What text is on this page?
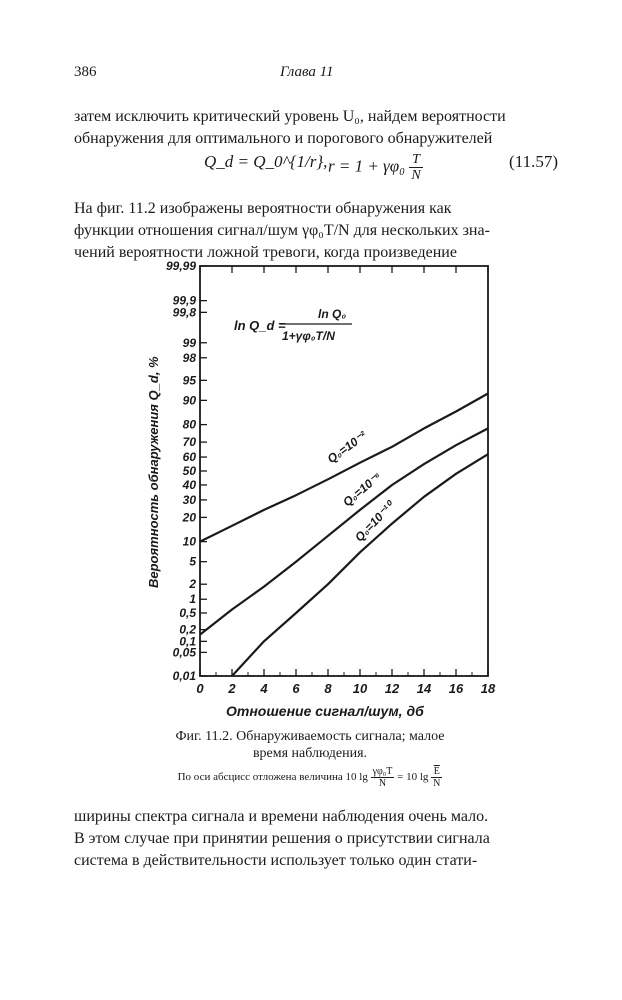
386	Глава 11
затем исключить критический уровень U₀, найдем вероятности
обнаружения для оптимального и порогового обнаружителей
Q_d = Q_0^{1/r}, $r = 1 + \gamma\varphi_0 \frac{T}{N}$	(11.57)
На фиг. 11.2 изображены вероятности обнаружения как
функции отношения сигнал/шум γφ₀T/N для нескольких зна-
чений вероятности ложной тревоги, когда произведение
99,99
99,9
99,8
99
98
95
90
80
70
60
50
40
30
20
10
5
2
1
0,5
0,2
0,1
0,05
0,01
0 2 4 6 8 10 12 14 16 18
Q₀=10⁻²
Q₀=10⁻⁶
Q₀=10⁻¹⁰
ln Q_d =
ln Q₀
1+γφ₀T/N
Вероятность обнаружения Q_d, %
Отношение сигнал/шум, дб
Фиг. 11.2. Обнаруживаемость сигнала; малое
время наблюдения.
По оси абсцисс отложена величина 10 $\lg \frac{\text{γφ₀T}}{N} = 10$ $\lg \frac{\overline{E}}{N}$
ширины спектра сигнала и времени наблюдения очень мало.
В этом случае при принятии решения о присутствии сигнала
система в действительности использует только один стати-
